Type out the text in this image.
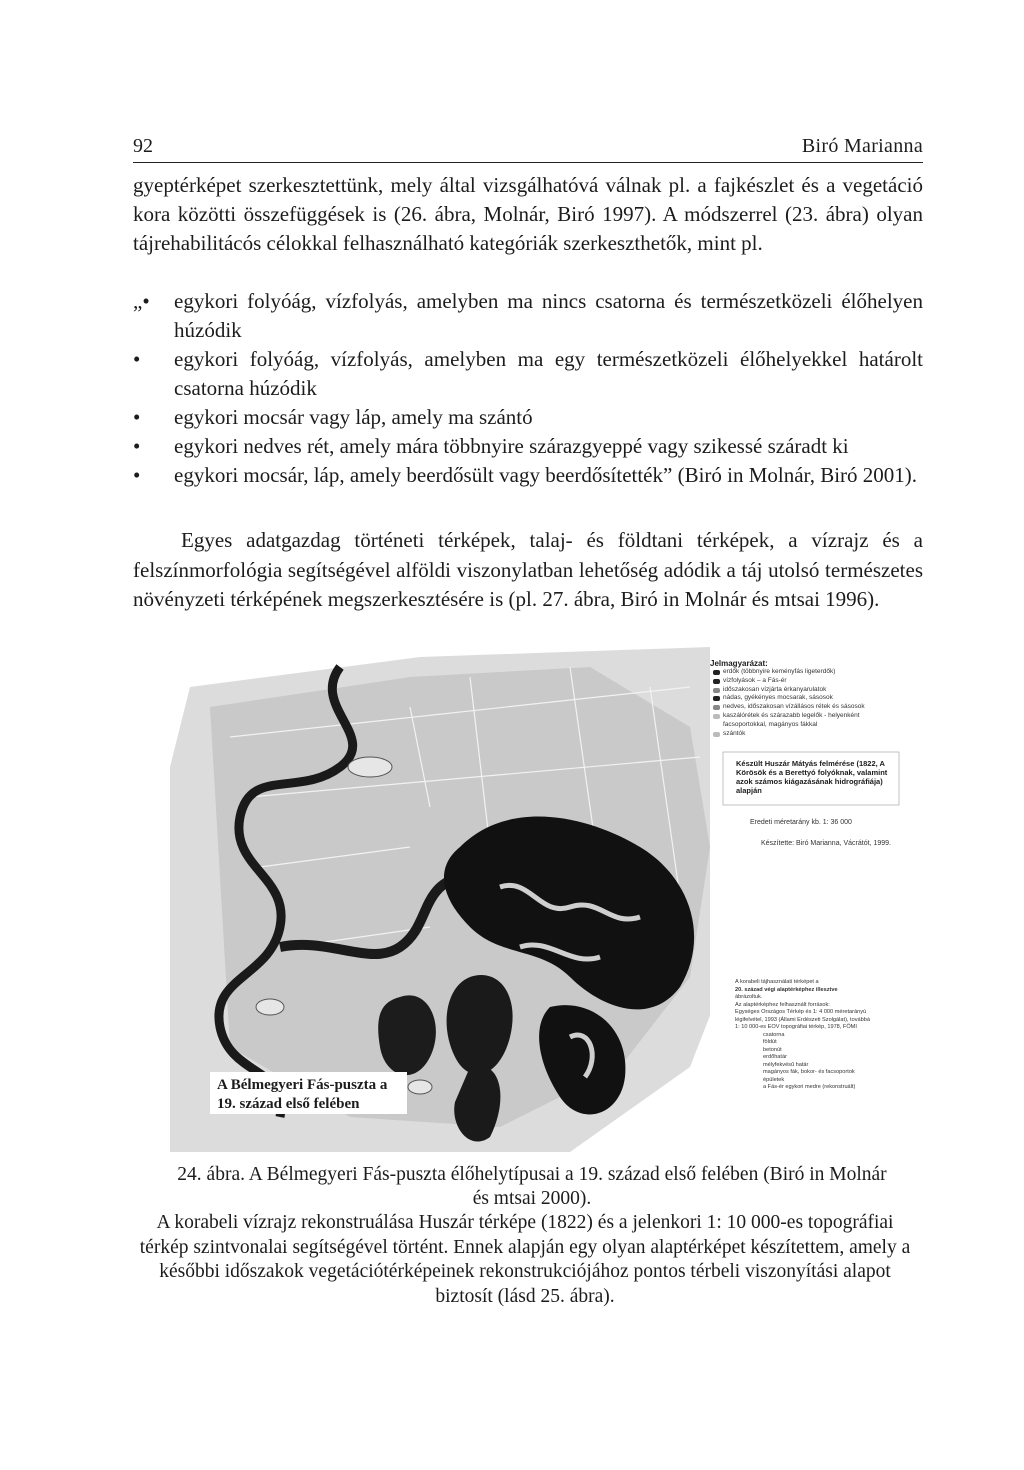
92	Biró Marianna

gyeptérképet szerkesztettünk, mely által vizsgálhatóvá válnak pl. a fajkészlet és a vegetáció kora közötti összefüggések is (26. ábra, Molnár, Biró 1997). A módszerrel (23. ábra) olyan tájrehabilitácós célokkal felhasználható kategóriák szerkeszthetők, mint pl.

„•	egykori folyóág, vízfolyás, amelyben ma nincs csatorna és természetközeli élőhelyen húzódik
•	egykori folyóág, vízfolyás, amelyben ma egy természetközeli élőhelyekkel határolt csatorna húzódik
•	egykori mocsár vagy láp, amely ma szántó
•	egykori nedves rét, amely mára többnyire szárazgyeppé vagy szikessé száradt ki
•	egykori mocsár, láp, amely beerdősült vagy beerdősítették” (Biró in Molnár, Biró 2001).

Egyes adatgazdag történeti térképek, talaj- és földtani térképek, a vízrajz és a felszínmorfológia segítségével alföldi viszonylatban lehetőség adódik a táj utolsó természetes növényzeti térképének megszerkesztésére is (pl. 27. ábra, Biró in Molnár és mtsai 1996).

Jelmagyarázat:
erdők (többnyire keményfás ligeterdők)
vízfolyások – a Fás-ér
időszakosan vízjárta érkanyarulatok
nádas, gyékényes mocsarak, sásosok
nedves, időszakosan vízállásos rétek és sásosok
kaszálórétek és szárazabb legelők - helyenként facsoportokkal, magányos fákkal
szántók
Készült Huszár Mátyás felmérése (1822, A Körösök és a Berettyó folyóknak, valamint azok számos kiágazásának hidrográfiája) alapján
Eredeti méretarány kb. 1: 36 000
Készítette: Biró Marianna, Vácrátót, 1999.
A korabeli tájhasználati térképet a
20. század végi alaptérképhez illesztve
ábrázoltuk.
Az alaptérképhez felhasznált források:
Egységes Országos Térkép és 1: 4 000 méretarányú
légifelvétel, 1993 (Állami Erdészeti Szolgálat), továbbá
1: 10 000-es EOV topográfiai térkép, 1978, FÖMI
csatorna
földút
betonút
erdőhatár
mélyfekvésű határ
magányos fák, bokor- és facsoportok
épületek
a Fás-ér egykori medre (rekonstruált)
A Bélmegyeri Fás-puszta a 19. század első felében

24. ábra. A Bélmegyeri Fás-puszta élőhelytípusai a 19. század első felében (Biró in Molnár és mtsai 2000).

A korabeli vízrajz rekonstruálása Huszár térképe (1822) és a jelenkori 1: 10 000-es topográfiai térkép szintvonalai segítségével történt. Ennek alapján egy olyan alaptérképet készítettem, amely a későbbi időszakok vegetációtérképeinek rekonstrukciójához pontos térbeli viszonyítási alapot biztosít (lásd 25. ábra).
